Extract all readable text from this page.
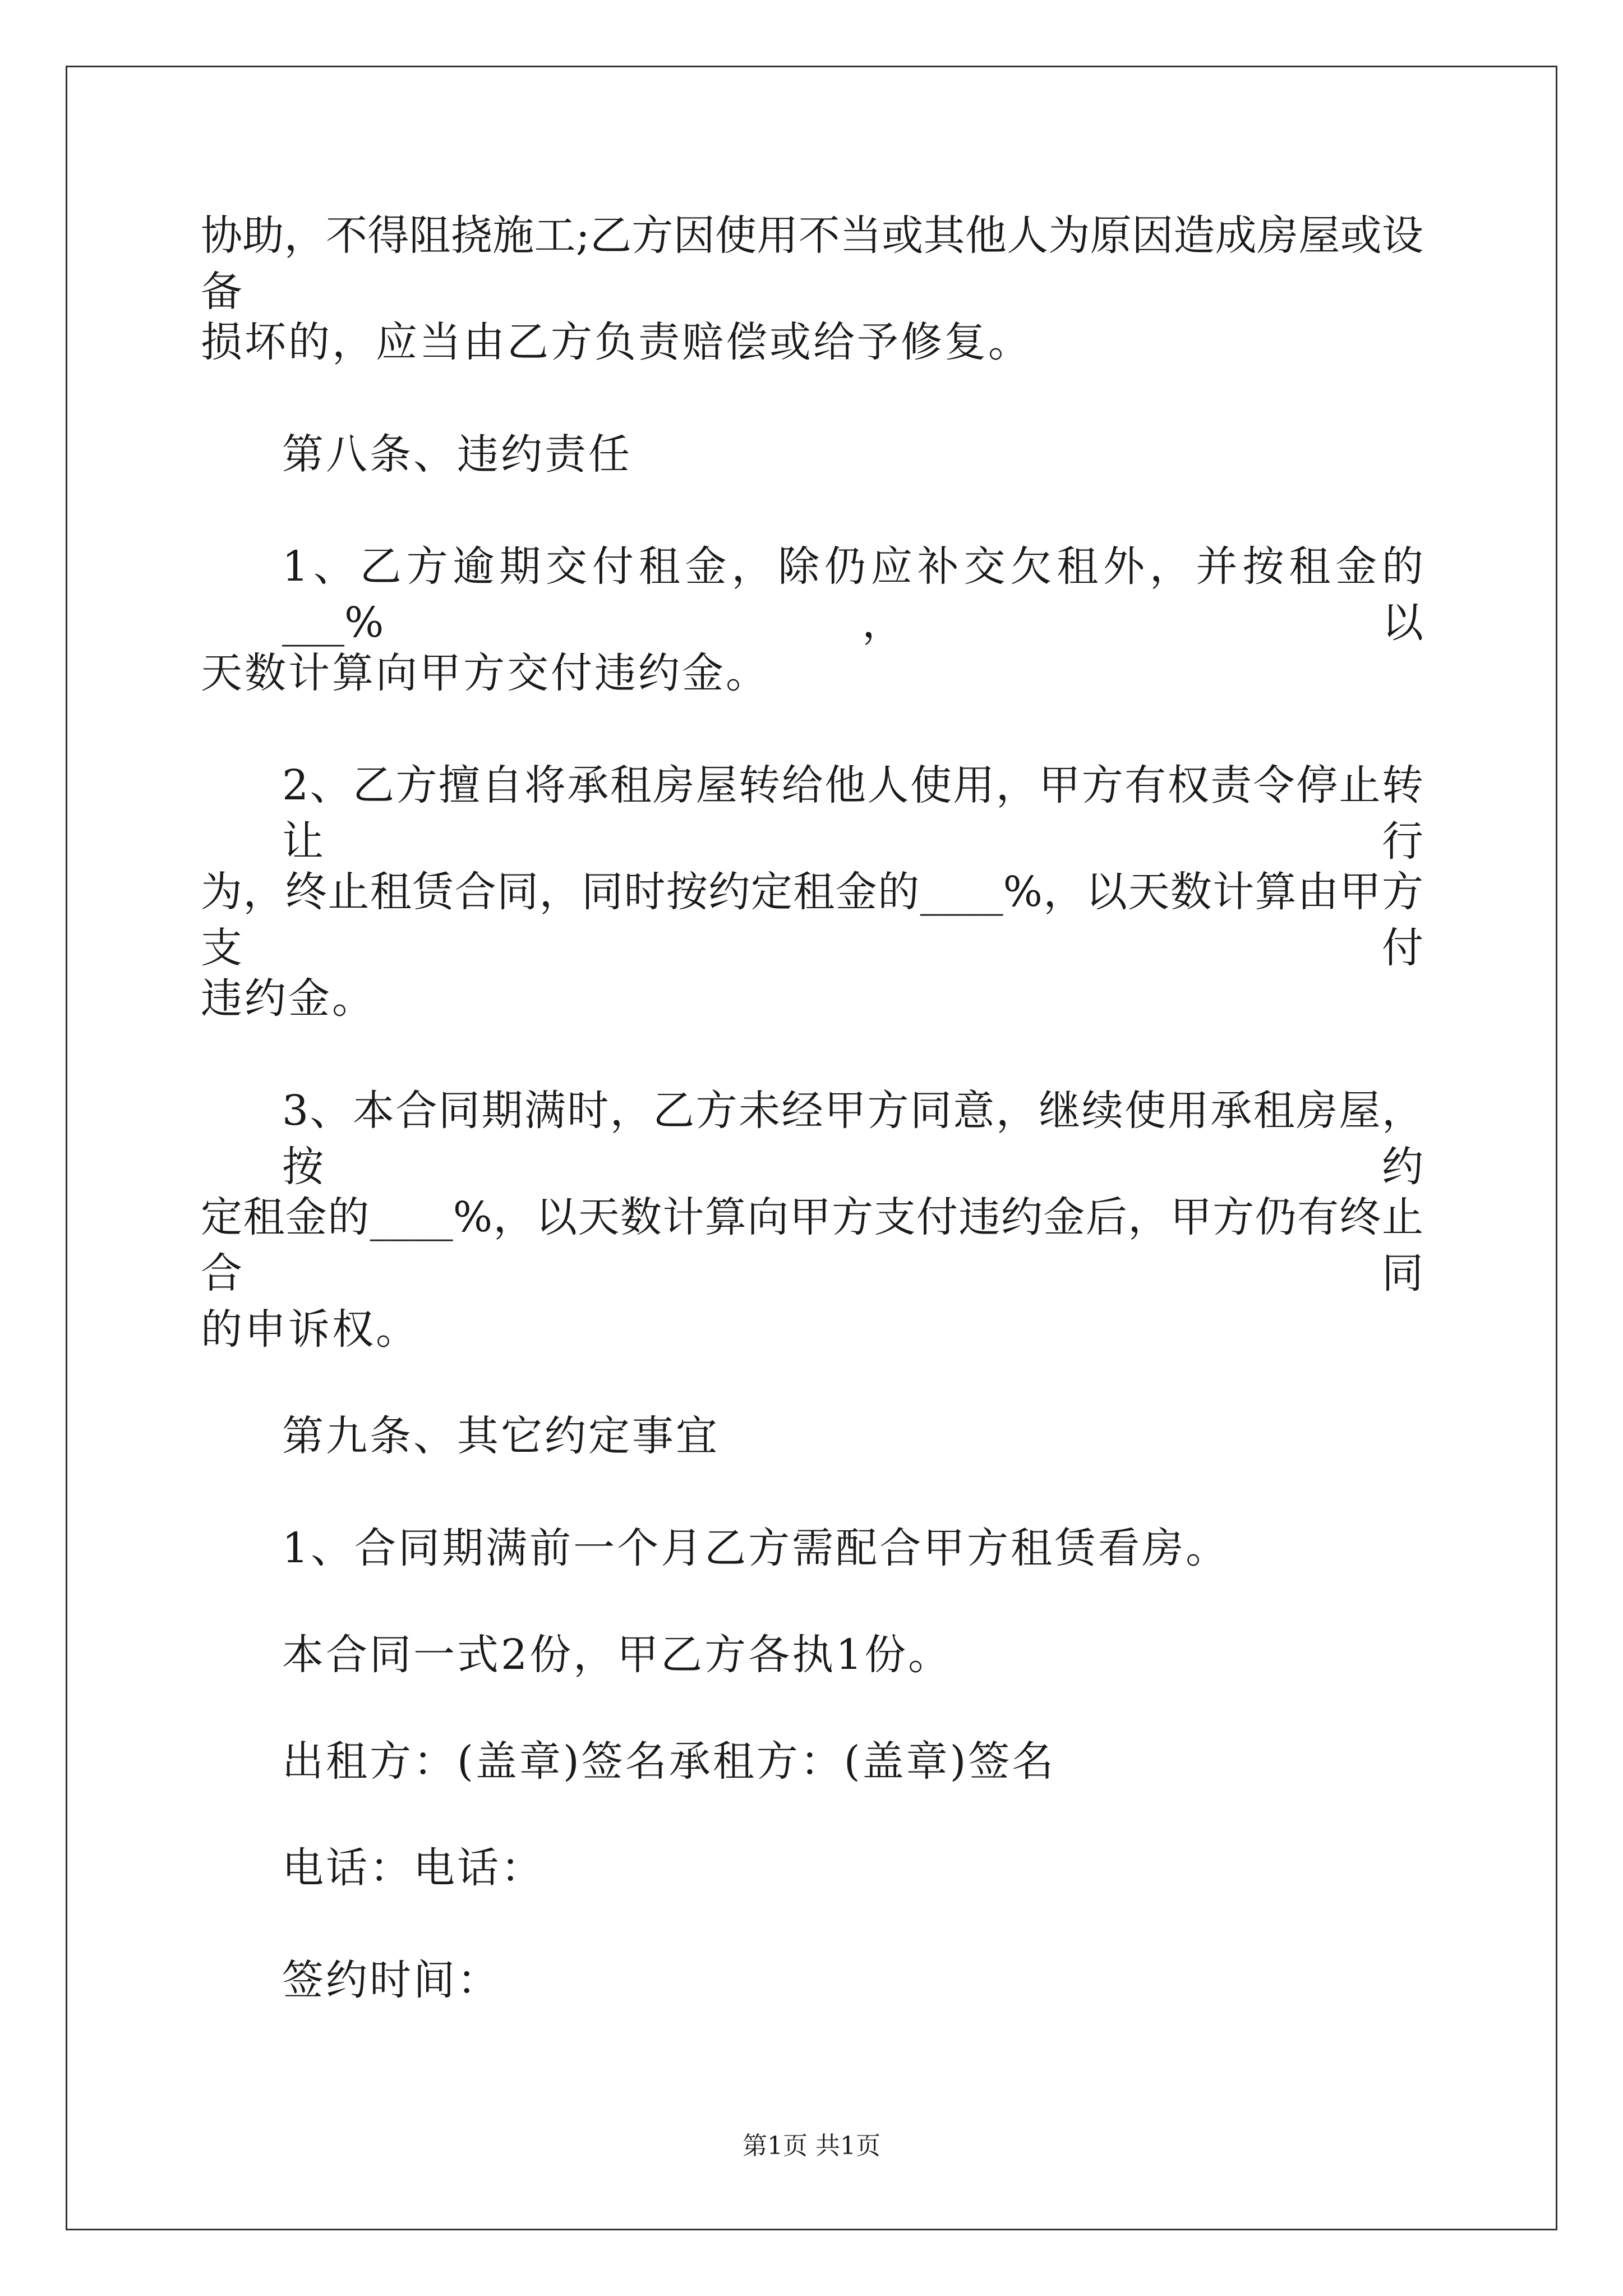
协助，不得阻挠施工;乙方因使用不当或其他人为原因造成房屋或设备
损坏的，应当由乙方负责赔偿或给予修复。
第八条、违约责任
1、乙方逾期交付租金，除仍应补交欠租外，并按租金的___%，以
天数计算向甲方交付违约金。
2、乙方擅自将承租房屋转给他人使用，甲方有权责令停止转让行
为，终止租赁合同，同时按约定租金的____%，以天数计算由甲方支付
违约金。
3、本合同期满时，乙方未经甲方同意，继续使用承租房屋，按约
定租金的____%，以天数计算向甲方支付违约金后，甲方仍有终止合同
的申诉权。
第九条、其它约定事宜
1、合同期满前一个月乙方需配合甲方租赁看房。
本合同一式2份，甲乙方各执1份。
出租方：(盖章)签名承租方：(盖章)签名
电话：电话：
签约时间：
第1页 共1页
